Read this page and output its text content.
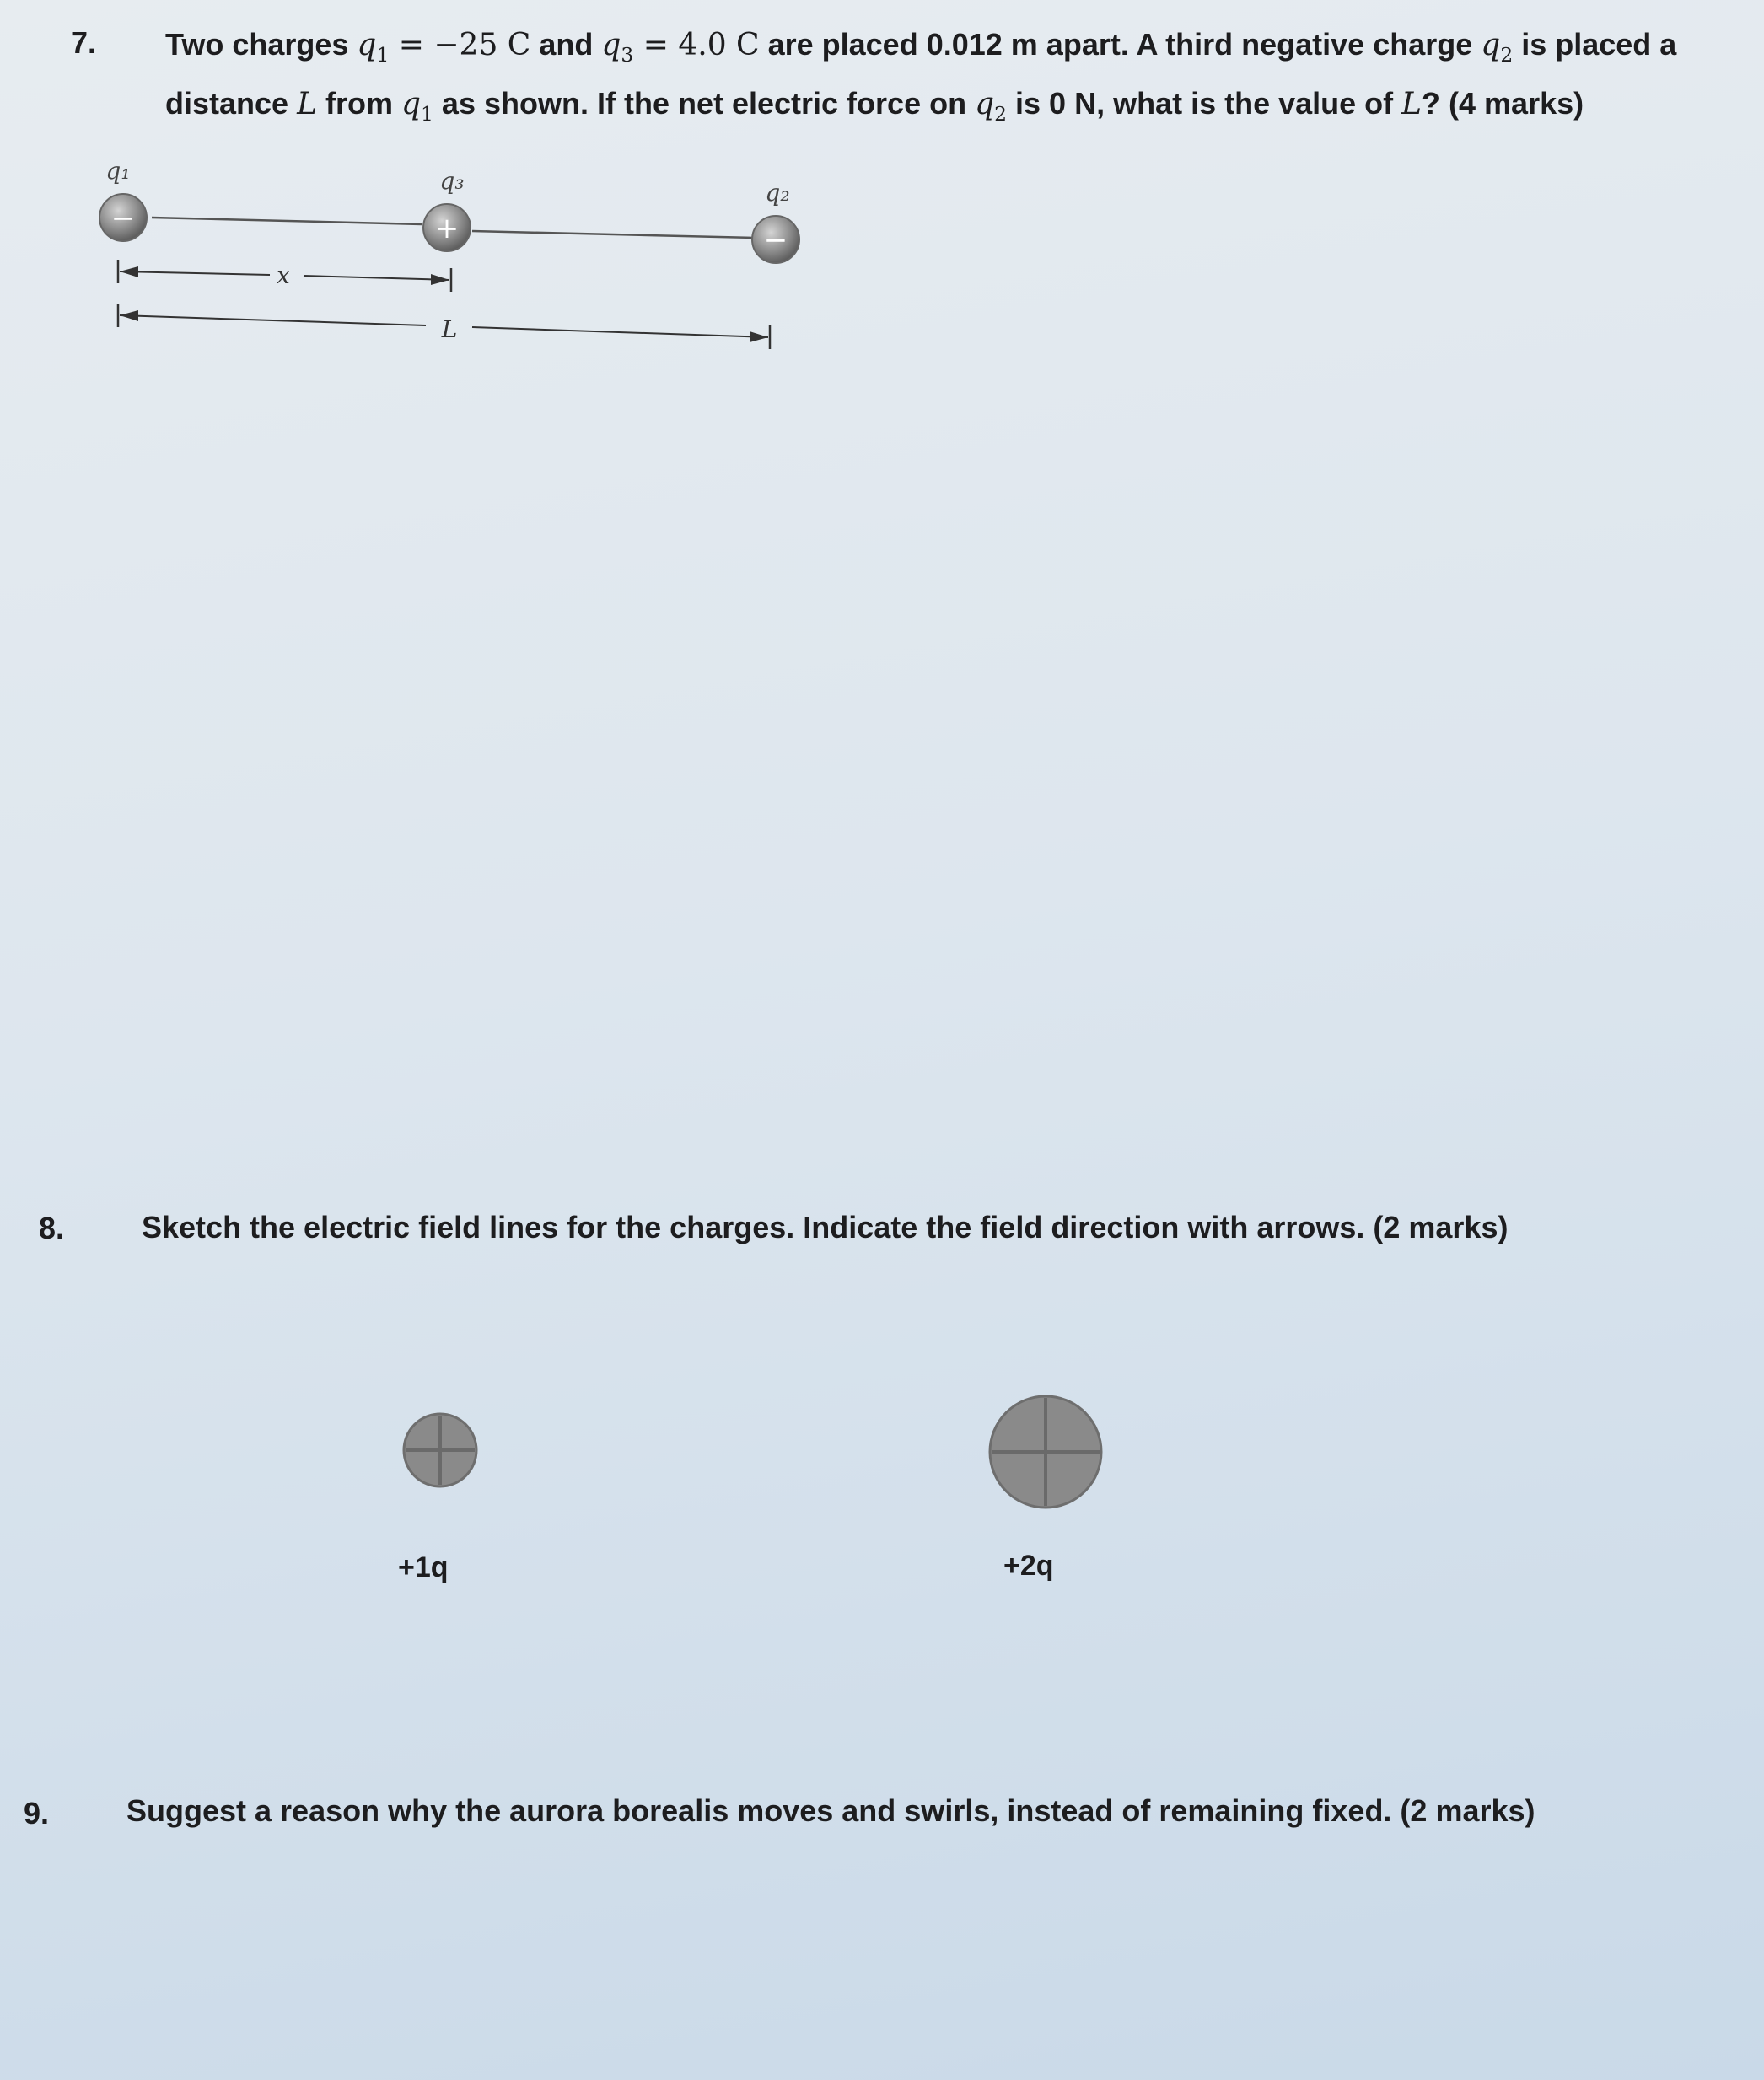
7. Two charges $q_1 = -25$ C and $q_3 = 4.0$ C are placed 0.012 m apart. A third negative charge $q_2$ is placed a
distance L from $q_1$ as shown. If the net electric force on $q_2$ is 0 N, what is the value of L? (4 marks)
−	+	−
q₁	q₃	q₂
x
L
8.	Sketch the electric field lines for the charges. Indicate the field direction with arrows. (2 marks)
+1q	+2q
9.	Suggest a reason why the aurora borealis moves and swirls, instead of remaining fixed. (2 marks)
